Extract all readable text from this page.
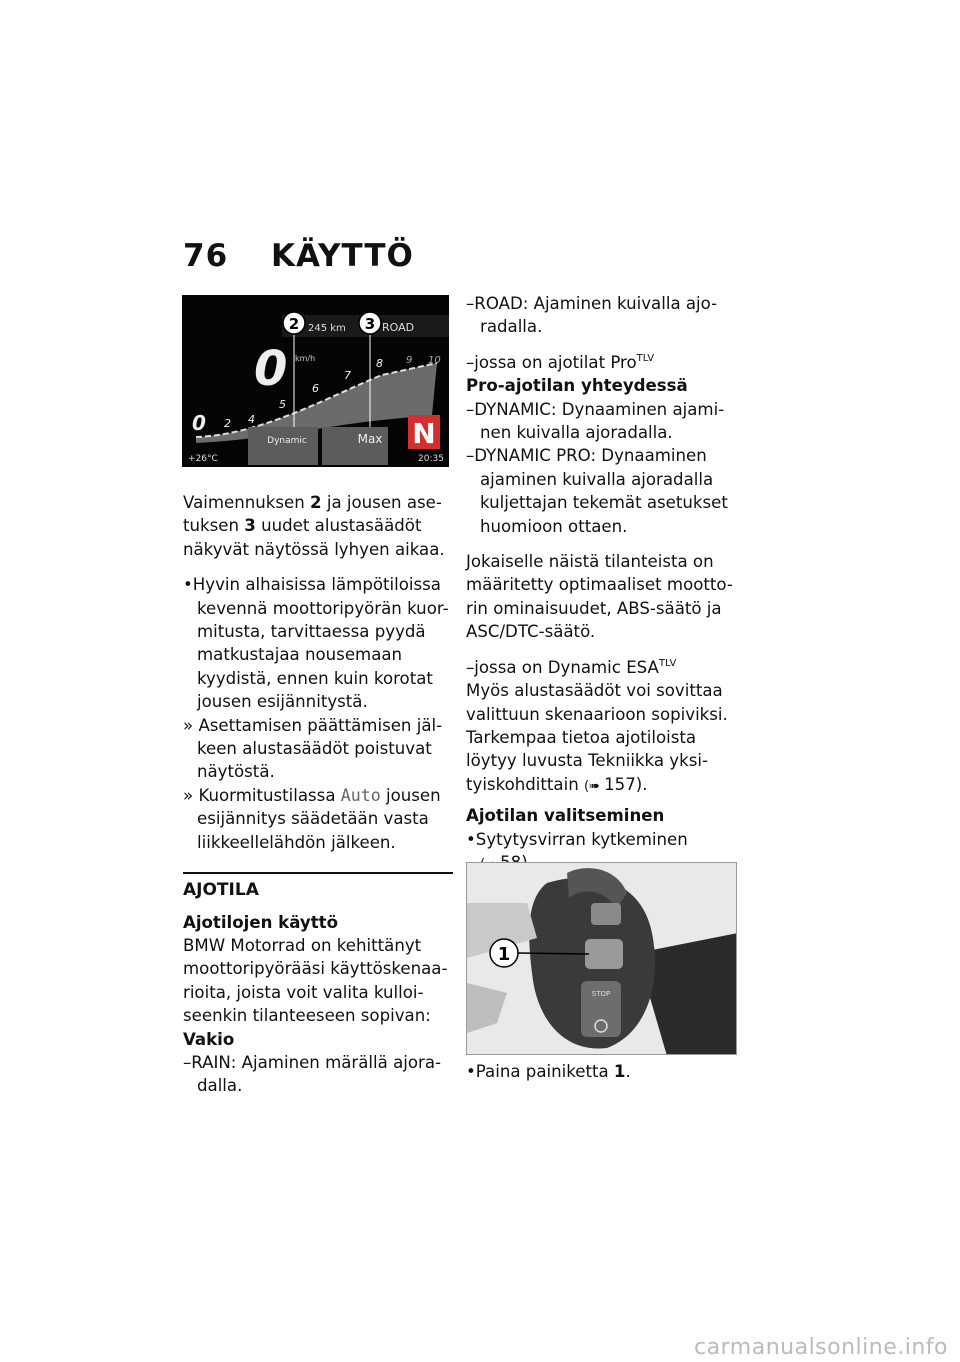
76 KÄYTTÖ
245 km	ROAD
0 km/h
2 4
5
6
7
8 9 10
0
2	3
Dynamic	Max N
+26°C	20:35

Vaimennuksen 2 ja jousen ase-
tuksen 3 uudet alustasäädöt
näkyvät näytössä lyhyen aikaa.

•Hyvin alhaisissa lämpötiloissa
kevennä moottoripyörän kuor-
mitusta, tarvittaessa pyydä
matkustajaa nousemaan
kyydistä, ennen kuin korotat
jousen esijännitystä.

» Asettamisen päättämisen jäl-
keen alustasäädöt poistuvat
näytöstä.

» Kuormitustilassa Auto jousen
esijännitys säädetään vasta
liikkeellelähdön jälkeen.

AJOTILA

Ajotilojen käyttö

BMW Motorrad on kehittänyt
moottoripyörääsi käyttöskenaa-
rioita, joista voit valita kulloi-
seenkin tilanteeseen sopivan:

Vakio

–RAIN: Ajaminen märällä ajora-
dalla.

–ROAD: Ajaminen kuivalla ajo-
radalla.

–jossa on ajotilat Pro$^{TLV}$

Pro-ajotilan yhteydessä

–DYNAMIC: Dynaaminen ajami-
nen kuivalla ajoradalla.

–DYNAMIC PRO: Dynaaminen
ajaminen kuivalla ajoradalla
kuljettajan tekemät asetukset
huomioon ottaen.

Jokaiselle näistä tilanteista on
määritetty optimaaliset mootto-
rin ominaisuudet, ABS-säätö ja
ASC/DTC-säätö.

–jossa on Dynamic $ESA^{TLV}$

Myös alustasäädöt voi sovittaa
valittuun skenaarioon sopiviksi.
Tarkempaa tietoa ajotiloista
löytyy luvusta Tekniikka yksi-
tyiskohdittain (➠ 157).

Ajotilan valitseminen

•Sytytysvirran kytkeminen

STOP
1

•Paina painiketta 1.

carmanualsonline.info
